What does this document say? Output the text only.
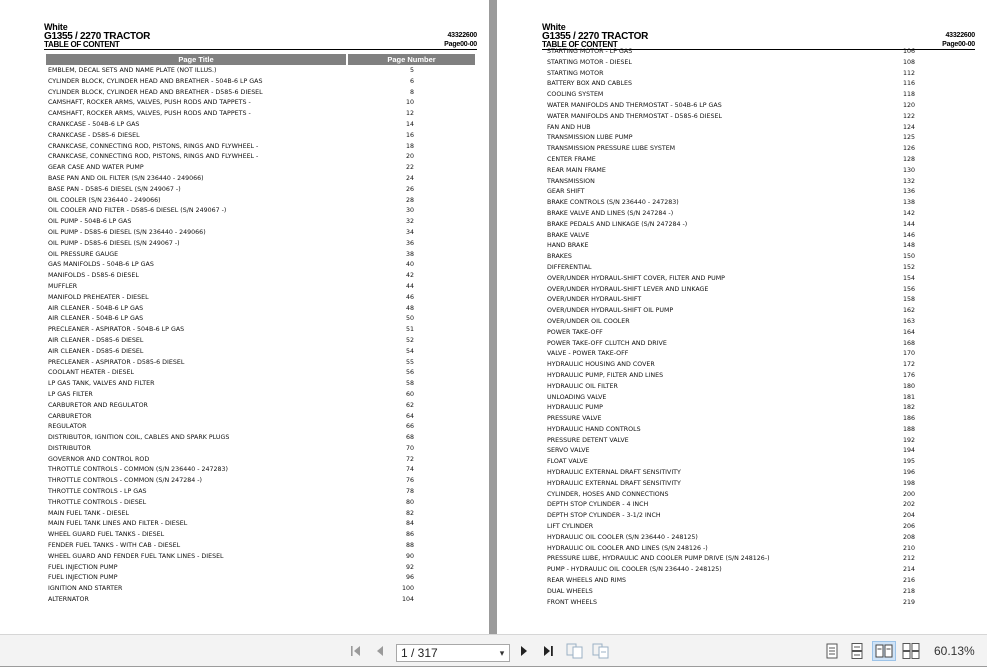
White
G1355 / 2270 TRACTOR	43322600
TABLE OF CONTENT	Page00-00
Page Title	Page Number
EMBLEM, DECAL SETS AND NAME PLATE (NOT ILLUS.)	5
CYLINDER BLOCK, CYLINDER HEAD AND BREATHER - 504B-6 LP GAS	6
CYLINDER BLOCK, CYLINDER HEAD AND BREATHER - D585-6 DIESEL	8
CAMSHAFT, ROCKER ARMS, VALVES, PUSH RODS AND TAPPETS -	10
CAMSHAFT, ROCKER ARMS, VALVES, PUSH RODS AND TAPPETS -	12
CRANKCASE - 504B-6 LP GAS	14
CRANKCASE - D585-6 DIESEL	16
CRANKCASE, CONNECTING ROD, PISTONS, RINGS AND FLYWHEEL -	18
CRANKCASE, CONNECTING ROD, PISTONS, RINGS AND FLYWHEEL -	20
GEAR CASE AND WATER PUMP	22
BASE PAN AND OIL FILTER (S/N 236440 - 249066)	24
BASE PAN - D585-6 DIESEL (S/N 249067 -)	26
OIL COOLER (S/N 236440 - 249066)	28
OIL COOLER AND FILTER - D585-6 DIESEL (S/N 249067 -)	30
OIL PUMP - 504B-6 LP GAS	32
OIL PUMP - D585-6 DIESEL (S/N 236440 - 249066)	34
OIL PUMP - D585-6 DIESEL (S/N 249067 -)	36
OIL PRESSURE GAUGE	38
GAS MANIFOLDS - 504B-6 LP GAS	40
MANIFOLDS - D585-6 DIESEL	42
MUFFLER	44
MANIFOLD PREHEATER - DIESEL	46
AIR CLEANER - 504B-6 LP GAS	48
AIR CLEANER - 504B-6 LP GAS	50
PRECLEANER - ASPIRATOR - 504B-6 LP GAS	51
AIR CLEANER - D585-6 DIESEL	52
AIR CLEANER - D585-6 DIESEL	54
PRECLEANER - ASPIRATOR - D585-6 DIESEL	55
COOLANT HEATER - DIESEL	56
LP GAS TANK, VALVES AND FILTER	58
LP GAS FILTER	60
CARBURETOR AND REGULATOR	62
CARBURETOR	64
REGULATOR	66
DISTRIBUTOR, IGNITION COIL, CABLES AND SPARK PLUGS	68
DISTRIBUTOR	70
GOVERNOR AND CONTROL ROD	72
THROTTLE CONTROLS - COMMON (S/N 236440 - 247283)	74
THROTTLE CONTROLS - COMMON (S/N 247284 -)	76
THROTTLE CONTROLS - LP GAS	78
THROTTLE CONTROLS - DIESEL	80
MAIN FUEL TANK - DIESEL	82
MAIN FUEL TANK LINES AND FILTER - DIESEL	84
WHEEL GUARD FUEL TANKS - DIESEL	86
FENDER FUEL TANKS - WITH CAB - DIESEL	88
WHEEL GUARD AND FENDER FUEL TANK LINES - DIESEL	90
FUEL INJECTION PUMP	92
FUEL INJECTION PUMP	96
IGNITION AND STARTER	100
ALTERNATOR	104
White
G1355 / 2270 TRACTOR	43322600
TABLE OF CONTENT	Page00-00
STARTING MOTOR - LP GAS	106
STARTING MOTOR - DIESEL	108
STARTING MOTOR	112
BATTERY BOX AND CABLES	116
COOLING SYSTEM	118
WATER MANIFOLDS AND THERMOSTAT - 504B-6 LP GAS	120
WATER MANIFOLDS AND THERMOSTAT - D585-6 DIESEL	122
FAN AND HUB	124
TRANSMISSION LUBE PUMP	125
TRANSMISSION PRESSURE LUBE SYSTEM	126
CENTER FRAME	128
REAR MAIN FRAME	130
TRANSMISSION	132
GEAR SHIFT	136
BRAKE CONTROLS (S/N 236440 - 247283)	138
BRAKE VALVE AND LINES (S/N 247284 -)	142
BRAKE PEDALS AND LINKAGE (S/N 247284 -)	144
BRAKE VALVE	146
HAND BRAKE	148
BRAKES	150
DIFFERENTIAL	152
OVER/UNDER HYDRAUL-SHIFT COVER, FILTER AND PUMP	154
OVER/UNDER HYDRAUL-SHIFT LEVER AND LINKAGE	156
OVER/UNDER HYDRAUL-SHIFT	158
OVER/UNDER HYDRAUL-SHIFT OIL PUMP	162
OVER/UNDER OIL COOLER	163
POWER TAKE-OFF	164
POWER TAKE-OFF CLUTCH AND DRIVE	168
VALVE - POWER TAKE-OFF	170
HYDRAULIC HOUSING AND COVER	172
HYDRAULIC PUMP, FILTER AND LINES	176
HYDRAULIC OIL FILTER	180
UNLOADING VALVE	181
HYDRAULIC PUMP	182
PRESSURE VALVE	186
HYDRAULIC HAND CONTROLS	188
PRESSURE DETENT VALVE	192
SERVO VALVE	194
FLOAT VALVE	195
HYDRAULIC EXTERNAL DRAFT SENSITIVITY	196
HYDRAULIC EXTERNAL DRAFT SENSITIVITY	198
CYLINDER, HOSES AND CONNECTIONS	200
DEPTH STOP CYLINDER - 4 INCH	202
DEPTH STOP CYLINDER - 3-1/2 INCH	204
LIFT CYLINDER	206
HYDRAULIC OIL COOLER (S/N 236440 - 248125)	208
HYDRAULIC OIL COOLER AND LINES (S/N 248126 -)	210
PRESSURE LUBE, HYDRAULIC AND COOLER PUMP DRIVE (S/N 248126-)	212
PUMP - HYDRAULIC OIL COOLER (S/N 236440 - 248125)	214
REAR WHEELS AND RIMS	216
DUAL WHEELS	218
FRONT WHEELS	219
1 / 317	▾	60.13%
